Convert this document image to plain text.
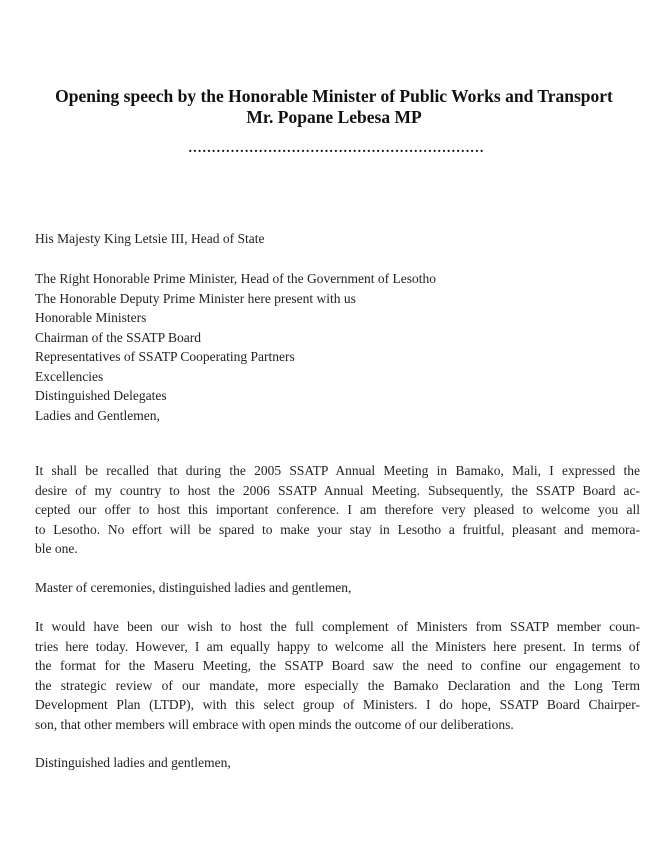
Opening speech by the Honorable Minister of Public Works and Transport
Mr. Popane Lebesa MP
...............................................................

His Majesty King Letsie III, Head of State

The Right Honorable Prime Minister, Head of the Government of Lesotho
The Honorable Deputy Prime Minister here present with us
Honorable Ministers
Chairman of the SSATP Board
Representatives of SSATP Cooperating Partners
Excellencies
Distinguished Delegates
Ladies and Gentlemen,
It shall be recalled that during the 2005 SSATP Annual Meeting in Bamako, Mali, I expressed the
desire of my country to host the 2006 SSATP Annual Meeting. Subsequently, the SSATP Board ac-
cepted our offer to host this important conference. I am therefore very pleased to welcome you all
to Lesotho. No effort will be spared to make your stay in Lesotho a fruitful, pleasant and memora-
ble one.

Master of ceremonies, distinguished ladies and gentlemen,

It would have been our wish to host the full complement of Ministers from SSATP member coun-
tries here today. However, I am equally happy to welcome all the Ministers here present. In terms of
the format for the Maseru Meeting, the SSATP Board saw the need to confine our engagement to
the strategic review of our mandate, more especially the Bamako Declaration and the Long Term
Development Plan (LTDP), with this select group of Ministers. I do hope, SSATP Board Chairper-
son, that other members will embrace with open minds the outcome of our deliberations.

Distinguished ladies and gentlemen,
